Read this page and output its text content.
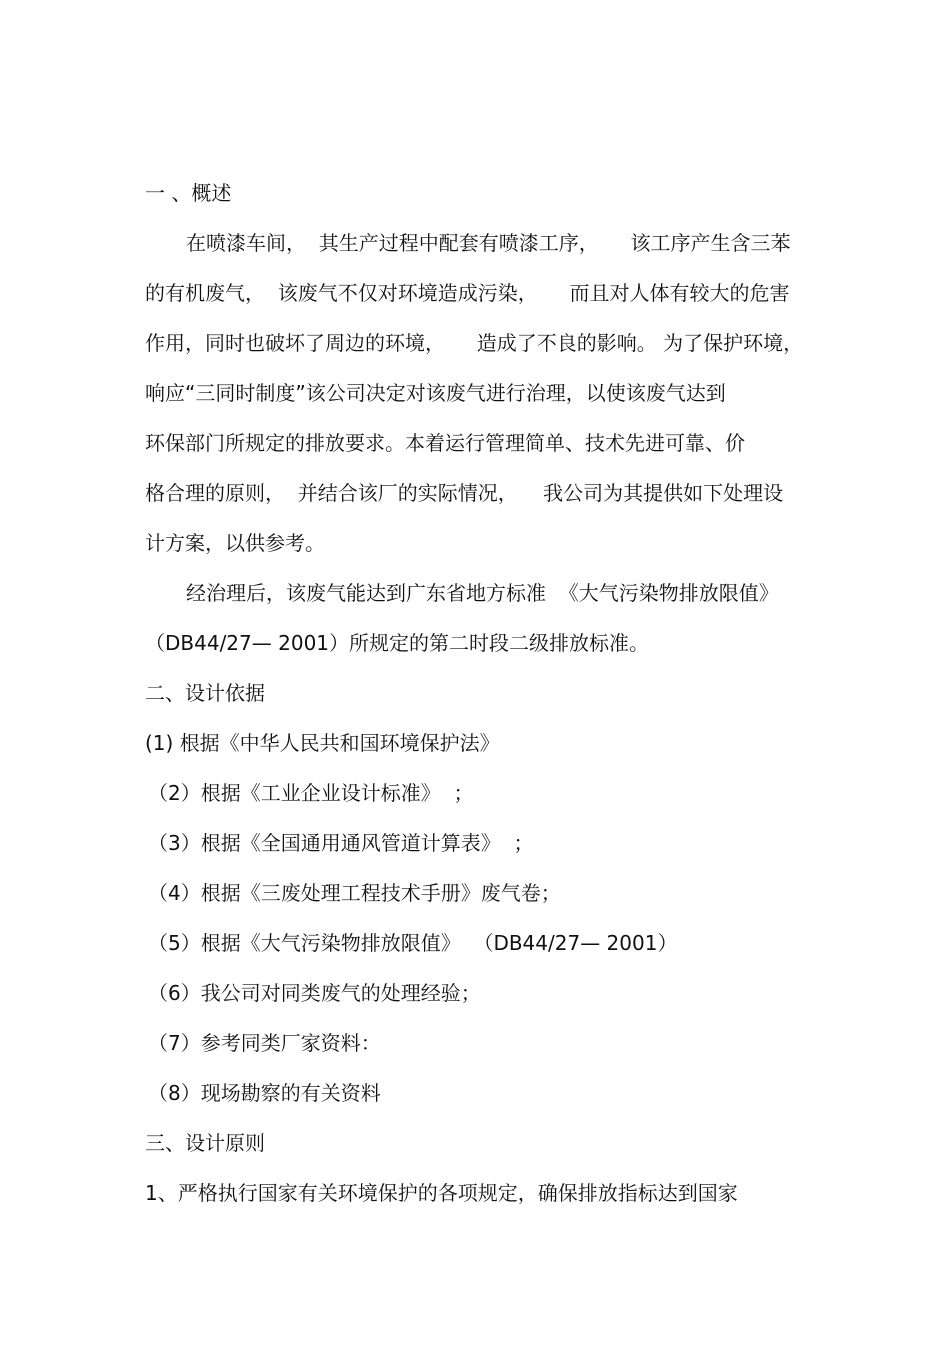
一 、概述
在喷漆车间，  其生产过程中配套有喷漆工序，     该工序产生含三苯
的有机废气，  该废气不仅对环境造成污染，     而且对人体有较大的危害
作用，同时也破坏了周边的环境，     造成了不良的影响。 为了保护环境，
响应“三同时制度”该公司决定对该废气进行治理，以使该废气达到
环保部门所规定的排放要求。本着运行管理简单、技术先进可靠、价
格合理的原则，  并结合该厂的实际情况，    我公司为其提供如下处理设
计方案，以供参考。
经治理后，该废气能达到广东省地方标准  《大气污染物排放限值》
（DB44/27— 2001）所规定的第二时段二级排放标准。
二、设计依据
(1) 根据《中华人民共和国环境保护法》
（2）根据《工业企业设计标准》  ；
（3）根据《全国通用通风管道计算表》  ；
（4）根据《三废处理工程技术手册》废气卷；
（5）根据《大气污染物排放限值》  （DB44/27— 2001）
（6）我公司对同类废气的处理经验；
（7）参考同类厂家资料：
（8）现场勘察的有关资料
三、设计原则
1、严格执行国家有关环境保护的各项规定，确保排放指标达到国家
